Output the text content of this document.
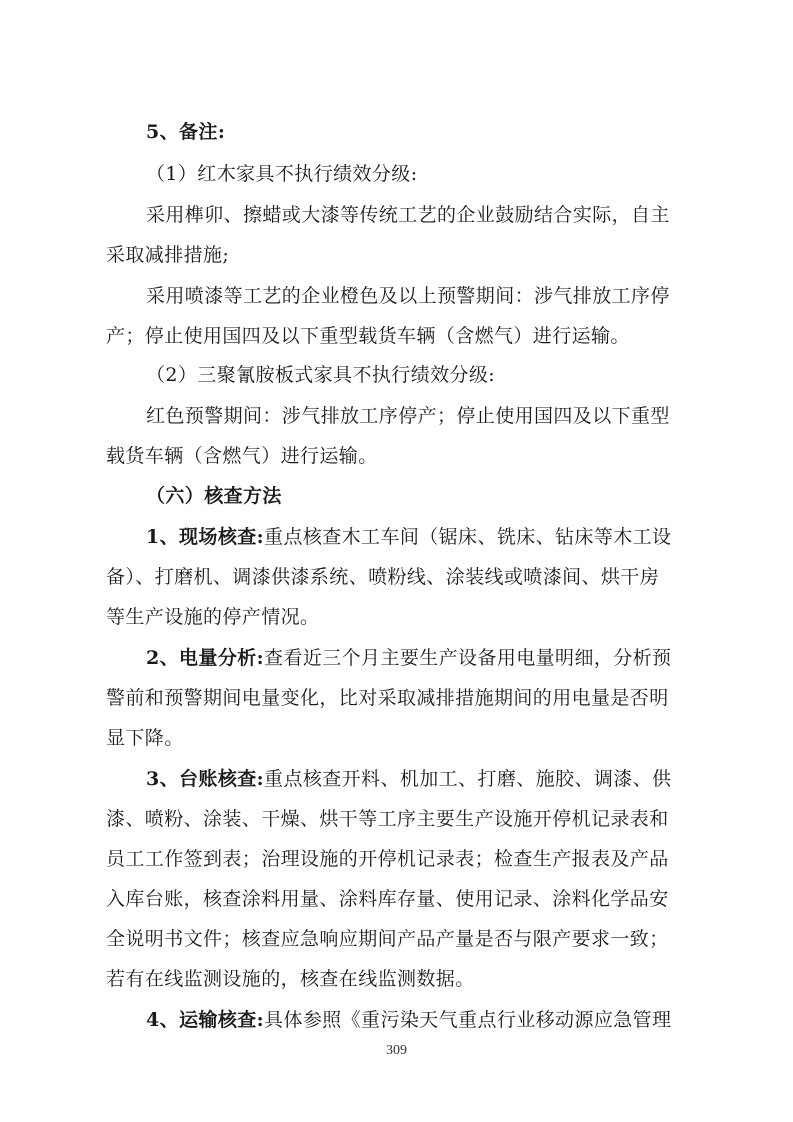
5、备注:
（1）红木家具不执行绩效分级:
采用榫卯、擦蜡或大漆等传统工艺的企业鼓励结合实际，自主
采取减排措施;
采用喷漆等工艺的企业橙色及以上预警期间：涉气排放工序停
产；停止使用国四及以下重型载货车辆（含燃气）进行运输。
（2）三聚氰胺板式家具不执行绩效分级:
红色预警期间：涉气排放工序停产；停止使用国四及以下重型
载货车辆（含燃气）进行运输。
（六）核查方法
1、现场核查:重点核查木工车间（锯床、铣床、钻床等木工设
备）、打磨机、调漆供漆系统、喷粉线、涂装线或喷漆间、烘干房
等生产设施的停产情况。
2、电量分析:查看近三个月主要生产设备用电量明细，分析预
警前和预警期间电量变化，比对采取减排措施期间的用电量是否明
显下降。
3、台账核查:重点核查开料、机加工、打磨、施胶、调漆、供
漆、喷粉、涂装、干燥、烘干等工序主要生产设施开停机记录表和
员工工作签到表；治理设施的开停机记录表；检查生产报表及产品
入库台账，核查涂料用量、涂料库存量、使用记录、涂料化学品安
全说明书文件；核查应急响应期间产品产量是否与限产要求一致；
若有在线监测设施的，核查在线监测数据。
4、运输核查:具体参照《重污染天气重点行业移动源应急管理
309
